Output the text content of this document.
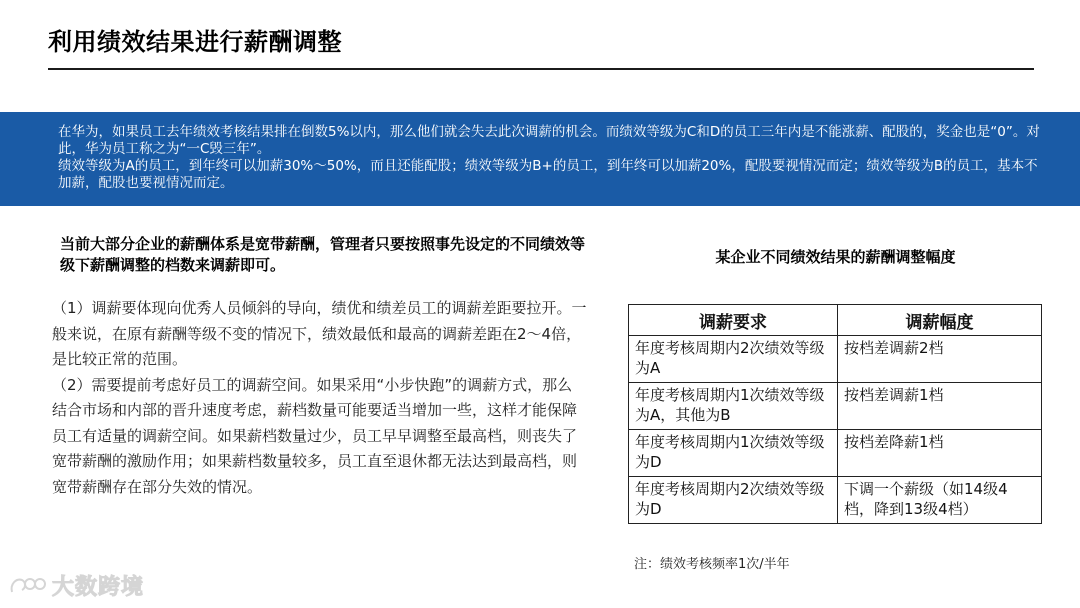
利用绩效结果进行薪酬调整

在华为，如果员工去年绩效考核结果排在倒数5%以内，那么他们就会失去此次调薪的机会。而绩效等级为C和D的员工三年内是不能涨薪、配股的，奖金也是“0”。对此，华为员工称之为“一C毁三年”。

绩效等级为A的员工，到年终可以加薪30%～50%，而且还能配股；绩效等级为B+的员工，到年终可以加薪20%，配股要视情况而定；绩效等级为B的员工，基本不加薪，配股也要视情况而定。

当前大部分企业的薪酬体系是宽带薪酬，管理者只要按照事先设定的不同绩效等级下薪酬调整的档数来调薪即可。

（1）调薪要体现向优秀人员倾斜的导向，绩优和绩差员工的调薪差距要拉开。一般来说，在原有薪酬等级不变的情况下，绩效最低和最高的调薪差距在2～4倍，是比较正常的范围。

（2）需要提前考虑好员工的调薪空间。如果采用“小步快跑”的调薪方式，那么结合市场和内部的晋升速度考虑，薪档数量可能要适当增加一些，这样才能保障员工有适量的调薪空间。如果薪档数量过少，员工早早调整至最高档，则丧失了宽带薪酬的激励作用；如果薪档数量较多，员工直至退休都无法达到最高档，则宽带薪酬存在部分失效的情况。

某企业不同绩效结果的薪酬调整幅度
调薪要求	调薪幅度
年度考核周期内2次绩效等级为A	按档差调薪2档
年度考核周期内1次绩效等级为A，其他为B	按档差调薪1档
年度考核周期内1次绩效等级为D	按档差降薪1档
年度考核周期内2次绩效等级为D	下调一个薪级（如14级4档，降到13级4档）
注：绩效考核频率1次/半年
大数跨境
